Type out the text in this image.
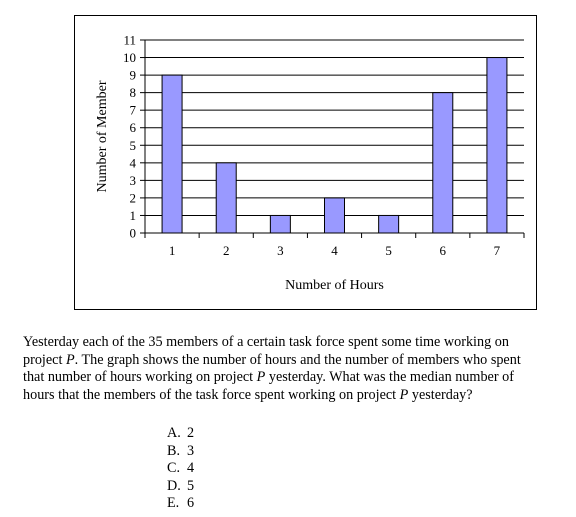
0
1
2
3
4
5
6
7
8
9
10
11
1	2	3	4	5	6	7
Number of Hours
Number of Member
Yesterday each of the 35 members of a certain task force spent some time working on
project P. The graph shows the number of hours and the number of members who spent
that number of hours working on project P yesterday. What was the median number of
hours that the members of the task force spent working on project P yesterday?
A. 2
B. 3
C. 4
D. 5
E. 6
